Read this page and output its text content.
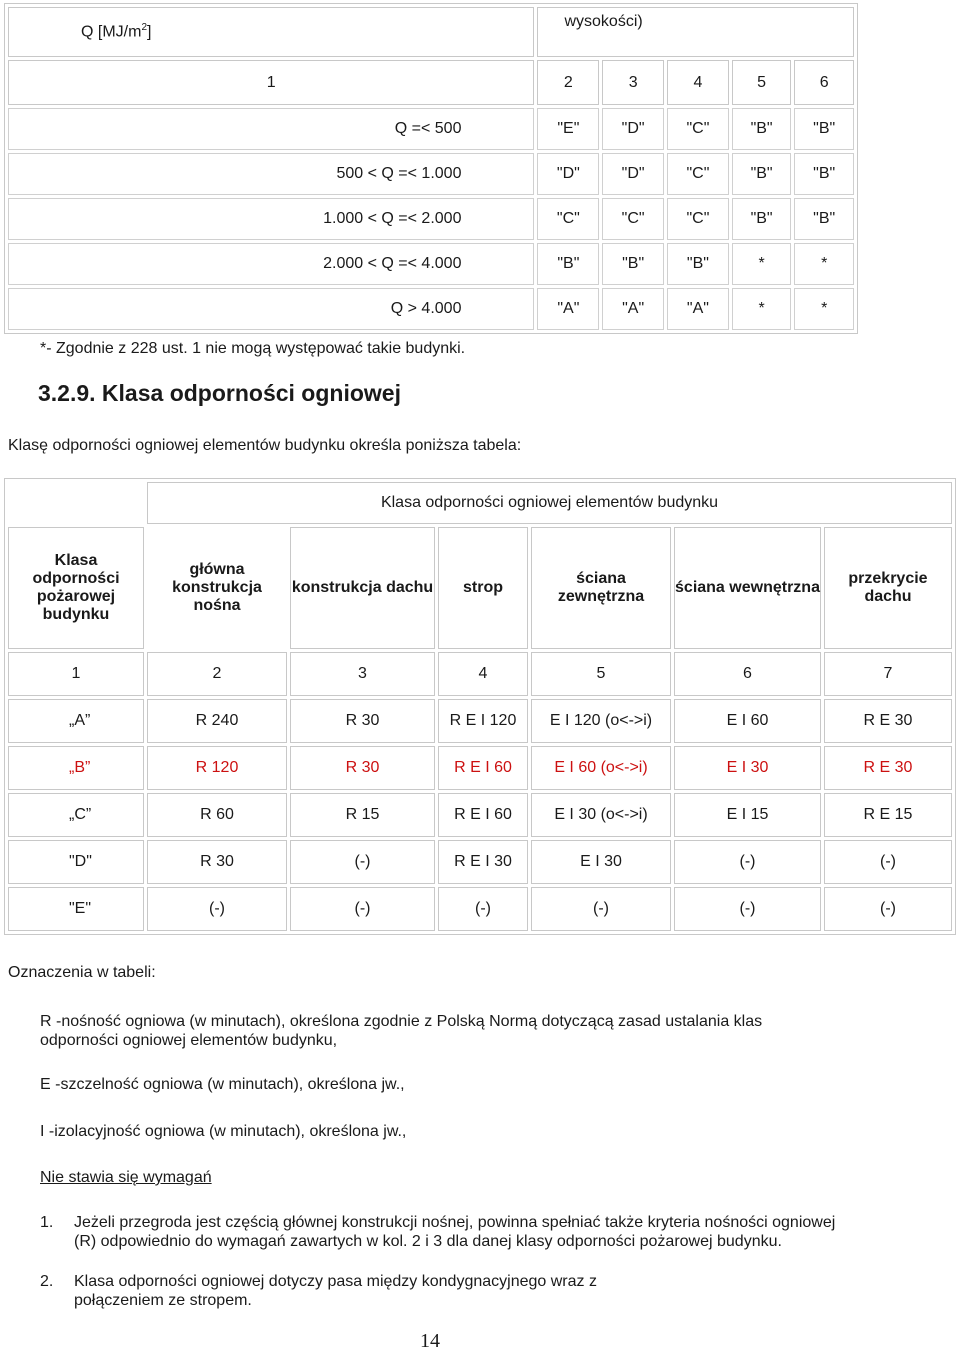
Q $[MJ/m^2]$	wysokości)				
1	2	3	4	5	6
Q =< 500	"E"	"D"	"C"	"B"	"B"
500 < Q =< 1.000	"D"	"D"	"C"	"B"	"B"
1.000 < Q =< 2.000	"C"	"C"	"C"	"B"	"B"
2.000 < Q =< 4.000	"B"	"B"	"B"	*	*
Q > 4.000	"A"	"A"	"A"	*	*
*- Zgodnie z 228 ust. 1 nie mogą występować takie budynki.
3.2.9. Klasa odporności ogniowej
Klasę odporności ogniowej elementów budynku określa poniższa tabela:
	Klasa odporności ogniowej elementów budynku					
Klasa odporności pożarowej budynku	główna konstrukcja nośna	konstrukcja dachu	strop	ściana zewnętrzna	ściana wewnętrzna	przekrycie dachu
1	2	3	4	5	6	7
„A”	R 240	R 30	R E I 120	E I 120 (o<->i)	E I 60	R E 30
„B”	R 120	R 30	R E I 60	E I 60 (o<->i)	E I 30	R E 30
„C”	R 60	R 15	R E I 60	E I 30 (o<->i)	E I 15	R E 15
"D"	R 30	(-)	R E I 30	E I 30	(-)	(-)
"E"	(-)	(-)	(-)	(-)	(-)	(-)
Oznaczenia w tabeli:
R -nośność ogniowa (w minutach), określona zgodnie z Polską Normą dotyczącą zasad ustalania klas odporności ogniowej elementów budynku,
E -szczelność ogniowa (w minutach), określona jw.,
I -izolacyjność ogniowa (w minutach), określona jw.,
Nie stawia się wymagań
1. Jeżeli przegroda jest częścią głównej konstrukcji nośnej, powinna spełniać także kryteria nośności ogniowej (R) odpowiednio do wymagań zawartych w kol. 2 i 3 dla danej klasy odporności pożarowej budynku.
2. Klasa odporności ogniowej dotyczy pasa między kondygnacyjnego wraz z połączeniem ze stropem.
14
